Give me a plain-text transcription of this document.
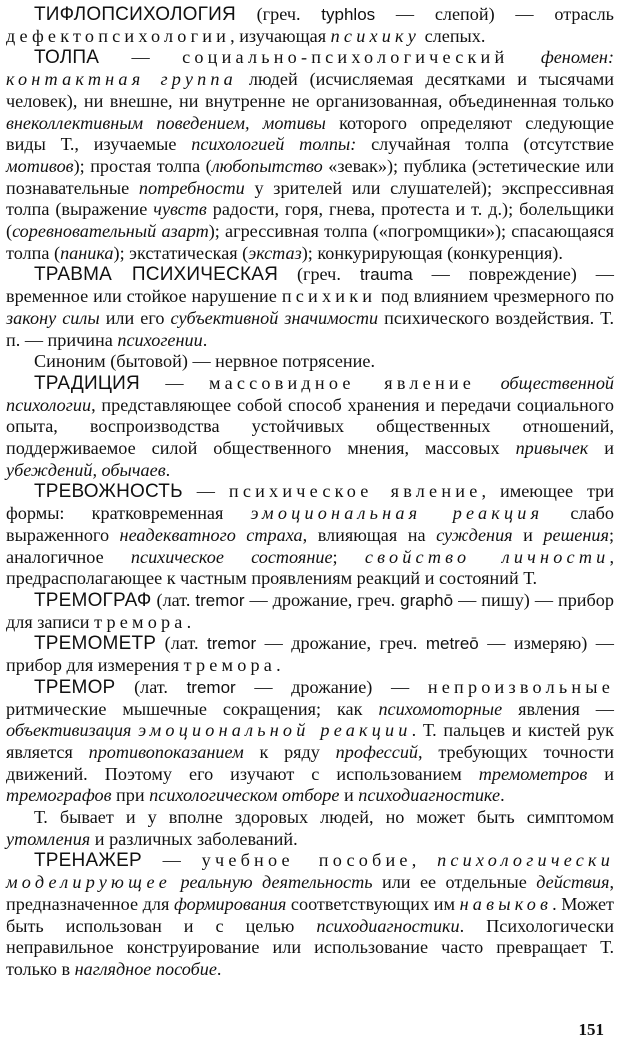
ТИФЛОПСИХОЛОГИЯ (греч. typhlos — слепой) — отрасль дефектопсихологии, изучающая психику слепых.

ТОЛПА — социально-психологический феномен: контактная группа людей (исчисляемая десятками и тысячами человек), ни внешне, ни внутренне не организованная, объединенная только внеколлективным поведением, мотивы которого определяют следующие виды Т., изучаемые психологией толпы: случайная толпа (отсутствие мотивов); простая толпа (любопытство «зевак»); публика (эстетические или познавательные потребности у зрителей или слушателей); экспрессивная толпа (выражение чувств радости, горя, гнева, протеста и т. д.); болельщики (соревновательный азарт); агрессивная толпа («погромщики»); спасающаяся толпа (паника); экстатическая (экстаз); конкурирующая (конкуренция).

ТРАВМА ПСИХИЧЕСКАЯ (греч. trauma — повреждение) — временное или стойкое нарушение психики под влиянием чрезмерного по закону силы или его субъективной значимости психического воздействия. Т. п. — причина психогении.

Синоним (бытовой) — нервное потрясение.

ТРАДИЦИЯ — массовидное явление общественной психологии, представляющее собой способ хранения и передачи социального опыта, воспроизводства устойчивых общественных отношений, поддерживаемое силой общественного мнения, массовых привычек и убеждений, обычаев.

ТРЕВОЖНОСТЬ — психическое явление, имеющее три формы: кратковременная эмоциональная реакция слабо выраженного неадекватного страха, влияющая на суждения и решения; аналогичное психическое состояние; свойство личности, предрасполагающее к частным проявлениям реакций и состояний Т.

ТРЕМОГРАФ (лат. tremor — дрожание, греч. graphō — пишу) — прибор для записи тремора.

ТРЕМОМЕТР (лат. tremor — дрожание, греч. metreō — измеряю) — прибор для измерения тремора.

ТРЕМОР (лат. tremor — дрожание) — непроизвольные ритмические мышечные сокращения; как психомоторные явления — объективизация эмоциональной реакции. Т. пальцев и кистей рук является противопоказанием к ряду профессий, требующих точности движений. Поэтому его изучают с использованием тремометров и тремографов при психологическом отборе и психодиагностике.

Т. бывает и у вполне здоровых людей, но может быть симптомом утомления и различных заболеваний.

ТРЕНАЖЕР — учебное пособие, психологически моделирующее реальную деятельность или ее отдельные действия, предназначенное для формирования соответствующих им навыков. Может быть использован и с целью психодиагностики. Психологически неправильное конструирование или использование часто превращает Т. только в наглядное пособие.

151
